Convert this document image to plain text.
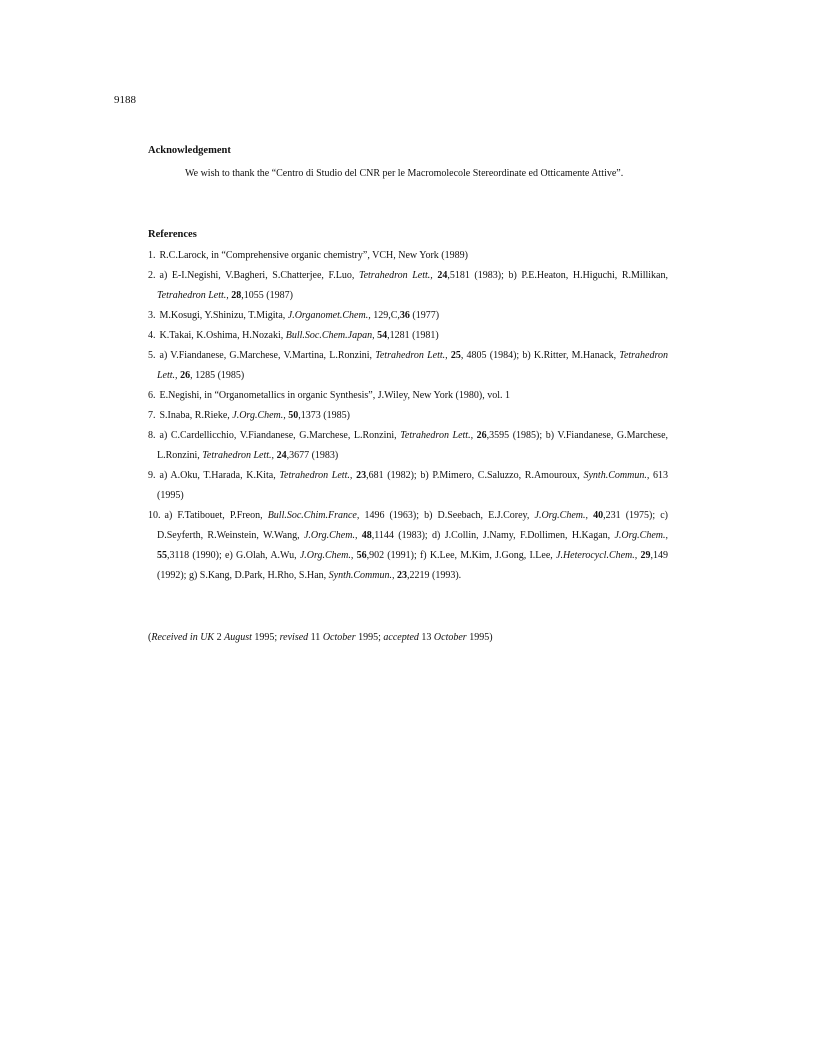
9188
Acknowledgement

We wish to thank the “Centro di Studio del CNR per le Macromolecole Stereordinate ed Otticamente Attive”.

References

1. R.C.Larock, in “Comprehensive organic chemistry”, VCH, New York (1989)

2. a) E-I.Negishi, V.Bagheri, S.Chatterjee, F.Luo, Tetrahedron Lett., 24,5181 (1983); b) P.E.Heaton, H.Higuchi, R.Millikan, Tetrahedron Lett., 28,1055 (1987)

3. M.Kosugi, Y.Shinizu, T.Migita, J.Organomet.Chem., 129,C,36 (1977)

4. K.Takai, K.Oshima, H.Nozaki, Bull.Soc.Chem.Japan, 54,1281 (1981)

5. a) V.Fiandanese, G.Marchese, V.Martina, L.Ronzini, Tetrahedron Lett., 25, 4805 (1984); b) K.Ritter, M.Hanack, Tetrahedron Lett., 26, 1285 (1985)

6. E.Negishi, in “Organometallics in organic Synthesis”, J.Wiley, New York (1980), vol. 1

7. S.Inaba, R.Rieke, J.Org.Chem., 50,1373 (1985)

8. a) C.Cardellicchio, V.Fiandanese, G.Marchese, L.Ronzini, Tetrahedron Lett., 26,3595 (1985); b) V.Fiandanese, G.Marchese, L.Ronzini, Tetrahedron Lett., 24,3677 (1983)

9. a) A.Oku, T.Harada, K.Kita, Tetrahedron Lett., 23,681 (1982); b) P.Mimero, C.Saluzzo, R.Amouroux, Synth.Commun., 613 (1995)

10. a) F.Tatibouet, P.Freon, Bull.Soc.Chim.France, 1496 (1963); b) D.Seebach, E.J.Corey, J.Org.Chem., 40,231 (1975); c) D.Seyferth, R.Weinstein, W.Wang, J.Org.Chem., 48,1144 (1983); d) J.Collin, J.Namy, F.Dollimen, H.Kagan, J.Org.Chem., 55,3118 (1990); e) G.Olah, A.Wu, J.Org.Chem., 56,902 (1991); f) K.Lee, M.Kim, J.Gong, I.Lee, J.Heterocycl.Chem., 29,149 (1992); g) S.Kang, D.Park, H.Rho, S.Han, Synth.Commun., 23,2219 (1993).

(Received in UK 2 August 1995; revised 11 October 1995; accepted 13 October 1995)
